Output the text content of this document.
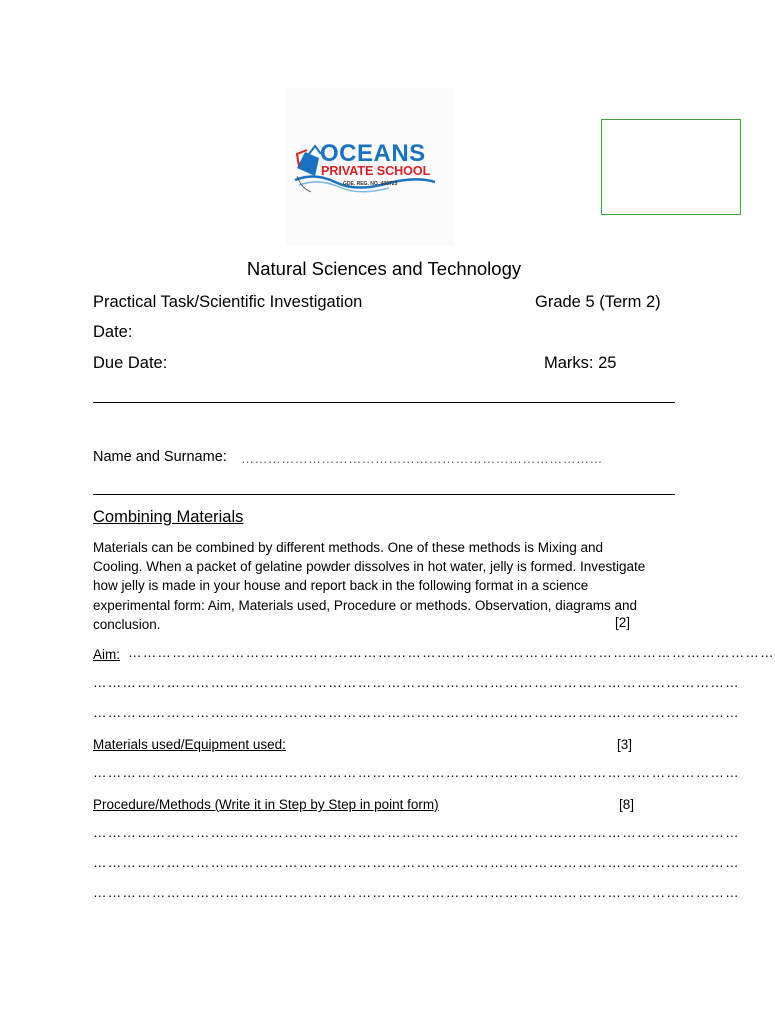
OCEANS
PRIVATE SCHOOL
GDE. REG. NO.:400723
Natural Sciences and Technology
Practical Task/Scientific Investigation	Grade 5 (Term 2)
Date:
Due Date:	Marks: 25
Name and Surname: ………………………………………………………………………
Combining Materials
Materials can be combined by different methods. One of these methods is Mixing and Cooling. When a packet of gelatine powder dissolves in hot water, jelly is formed. Investigate how jelly is made in your house and report back in the following format in a science experimental form: Aim, Materials used, Procedure or methods. Observation, diagrams and conclusion.	[2]
Aim: ……………………………………………………………………………………………………………………
……………………………………………………………………………………………………………………
……………………………………………………………………………………………………………………
Materials used/Equipment used:	[3]
……………………………………………………………………………………………………………………
Procedure/Methods (Write it in Step by Step in point form)	[8]
……………………………………………………………………………………………………………………
……………………………………………………………………………………………………………………
……………………………………………………………………………………………………………………
